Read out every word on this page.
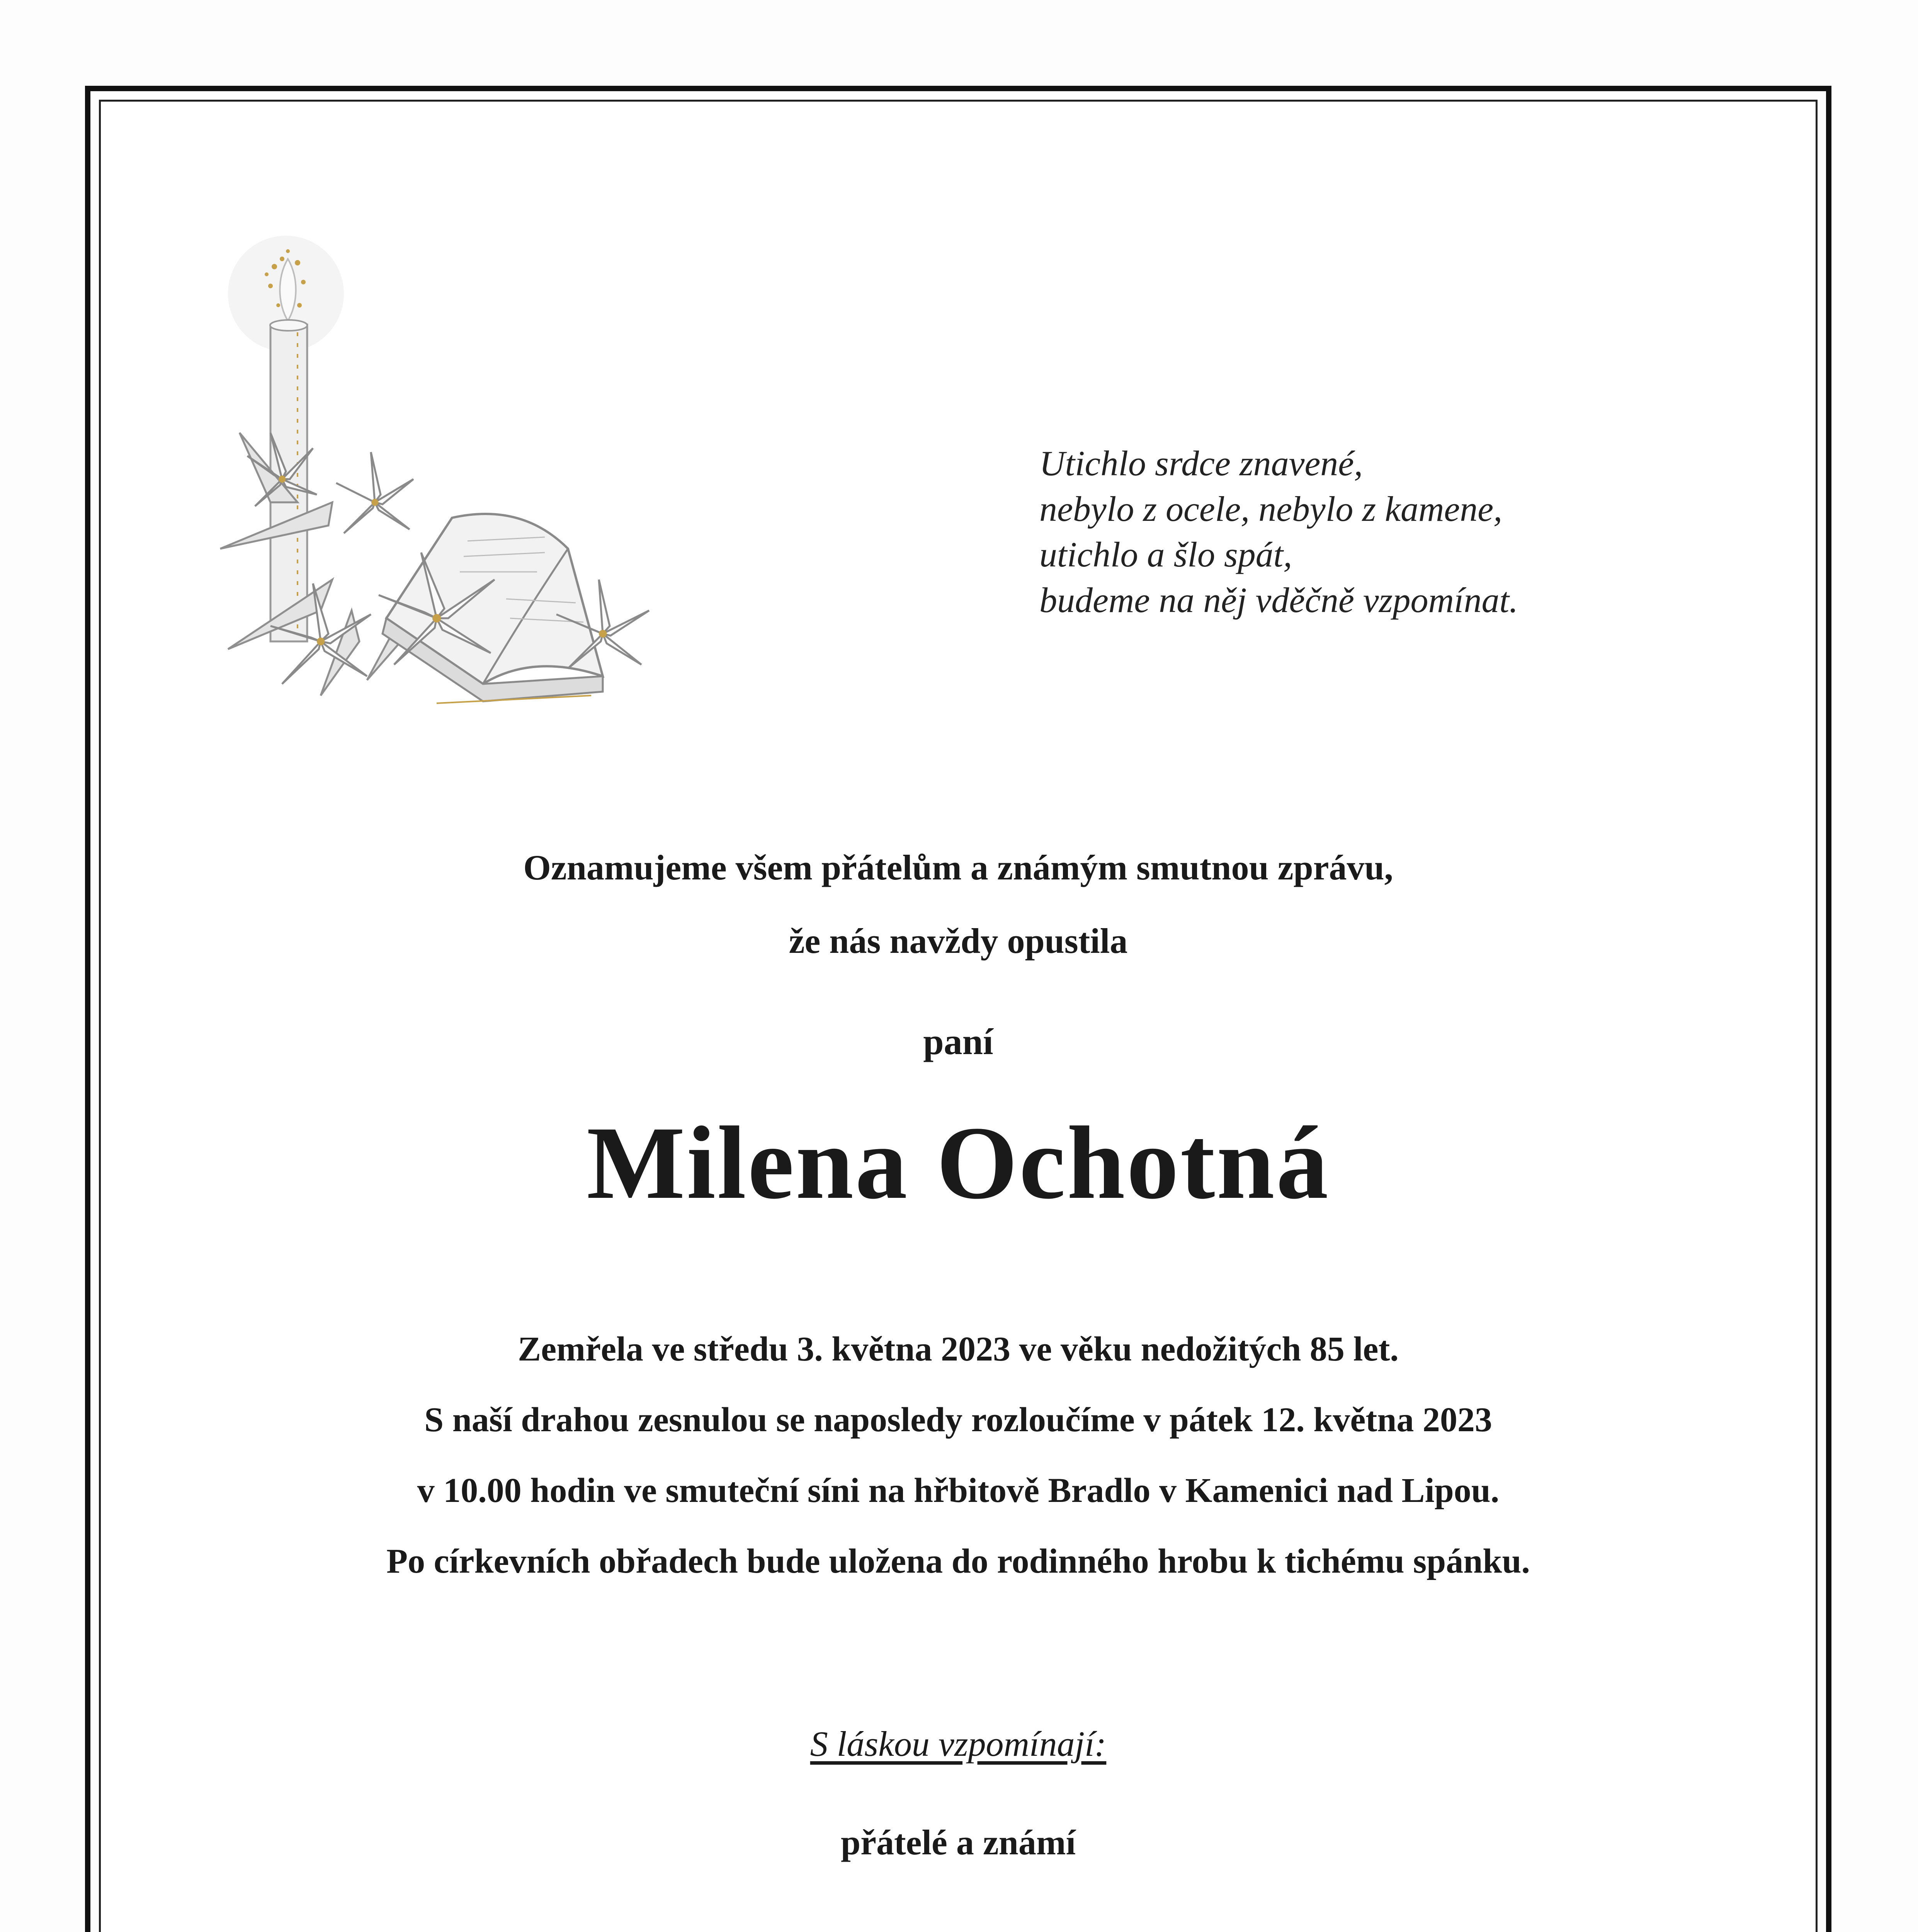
Utichlo srdce znavené,
nebylo z ocele, nebylo z kamene,
utichlo a šlo spát,
budeme na něj vděčně vzpomínat.
Oznamujeme všem přátelům a známým smutnou zprávu,
že nás navždy opustila
paní
Milena Ochotná
Zemřela ve středu 3. května 2023 ve věku nedožitých 85 let.
S naší drahou zesnulou se naposledy rozloučíme v pátek 12. května 2023
v 10.00 hodin ve smuteční síni na hřbitově Bradlo v Kamenici nad Lipou.
Po církevních obřadech bude uložena do rodinného hrobu k tichému spánku.
S láskou vzpomínají:
přátelé a známí
